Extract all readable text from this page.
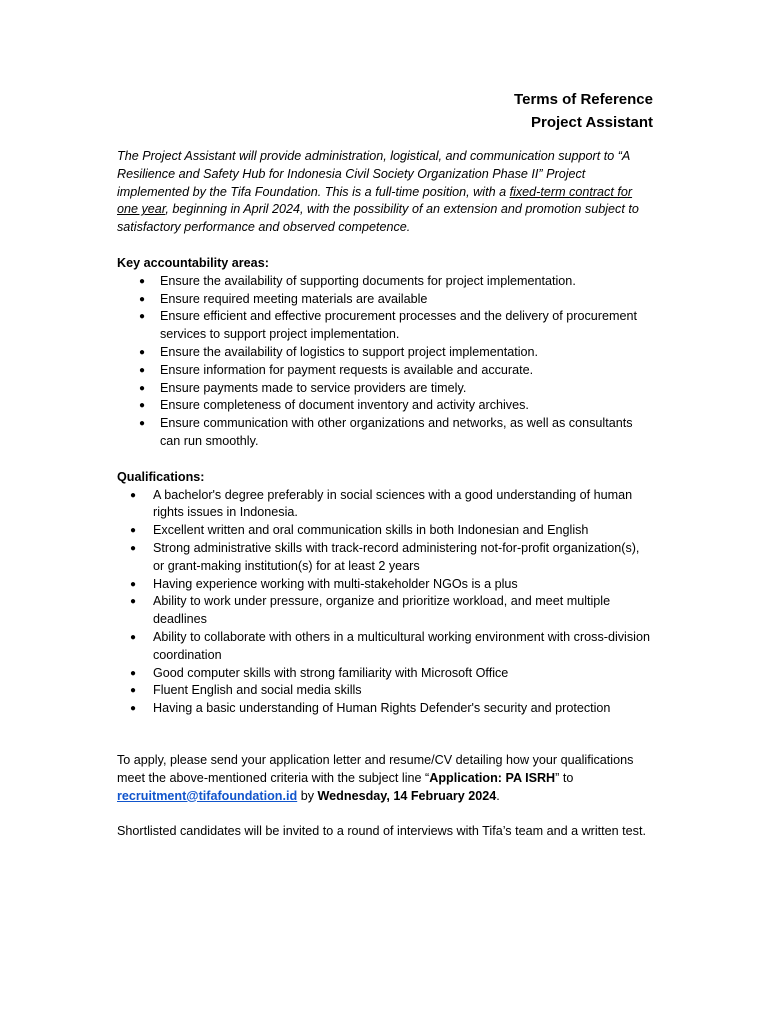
Terms of Reference
Project Assistant

The Project Assistant will provide administration, logistical, and communication support to “A Resilience and Safety Hub for Indonesia Civil Society Organization Phase II” Project implemented by the Tifa Foundation. This is a full-time position, with a fixed-term contract for one year, beginning in April 2024, with the possibility of an extension and promotion subject to satisfactory performance and observed competence.

Key accountability areas:

● Ensure the availability of supporting documents for project implementation.
● Ensure required meeting materials are available
● Ensure efficient and effective procurement processes and the delivery of procurement services to support project implementation.
● Ensure the availability of logistics to support project implementation.
● Ensure information for payment requests is available and accurate.
● Ensure payments made to service providers are timely.
● Ensure completeness of document inventory and activity archives.
● Ensure communication with other organizations and networks, as well as consultants can run smoothly.

Qualifications:

● A bachelor's degree preferably in social sciences with a good understanding of human rights issues in Indonesia.
● Excellent written and oral communication skills in both Indonesian and English
● Strong administrative skills with track-record administering not-for-profit organization(s), or grant-making institution(s) for at least 2 years
● Having experience working with multi-stakeholder NGOs is a plus
● Ability to work under pressure, organize and prioritize workload, and meet multiple deadlines
● Ability to collaborate with others in a multicultural working environment with cross-division coordination
● Good computer skills with strong familiarity with Microsoft Office
● Fluent English and social media skills
● Having a basic understanding of Human Rights Defender's security and protection

To apply, please send your application letter and resume/CV detailing how your qualifications meet the above-mentioned criteria with the subject line “Application: PA ISRH” to recruitment@tifafoundation.id by Wednesday, 14 February 2024.

Shortlisted candidates will be invited to a round of interviews with Tifa’s team and a written test.
